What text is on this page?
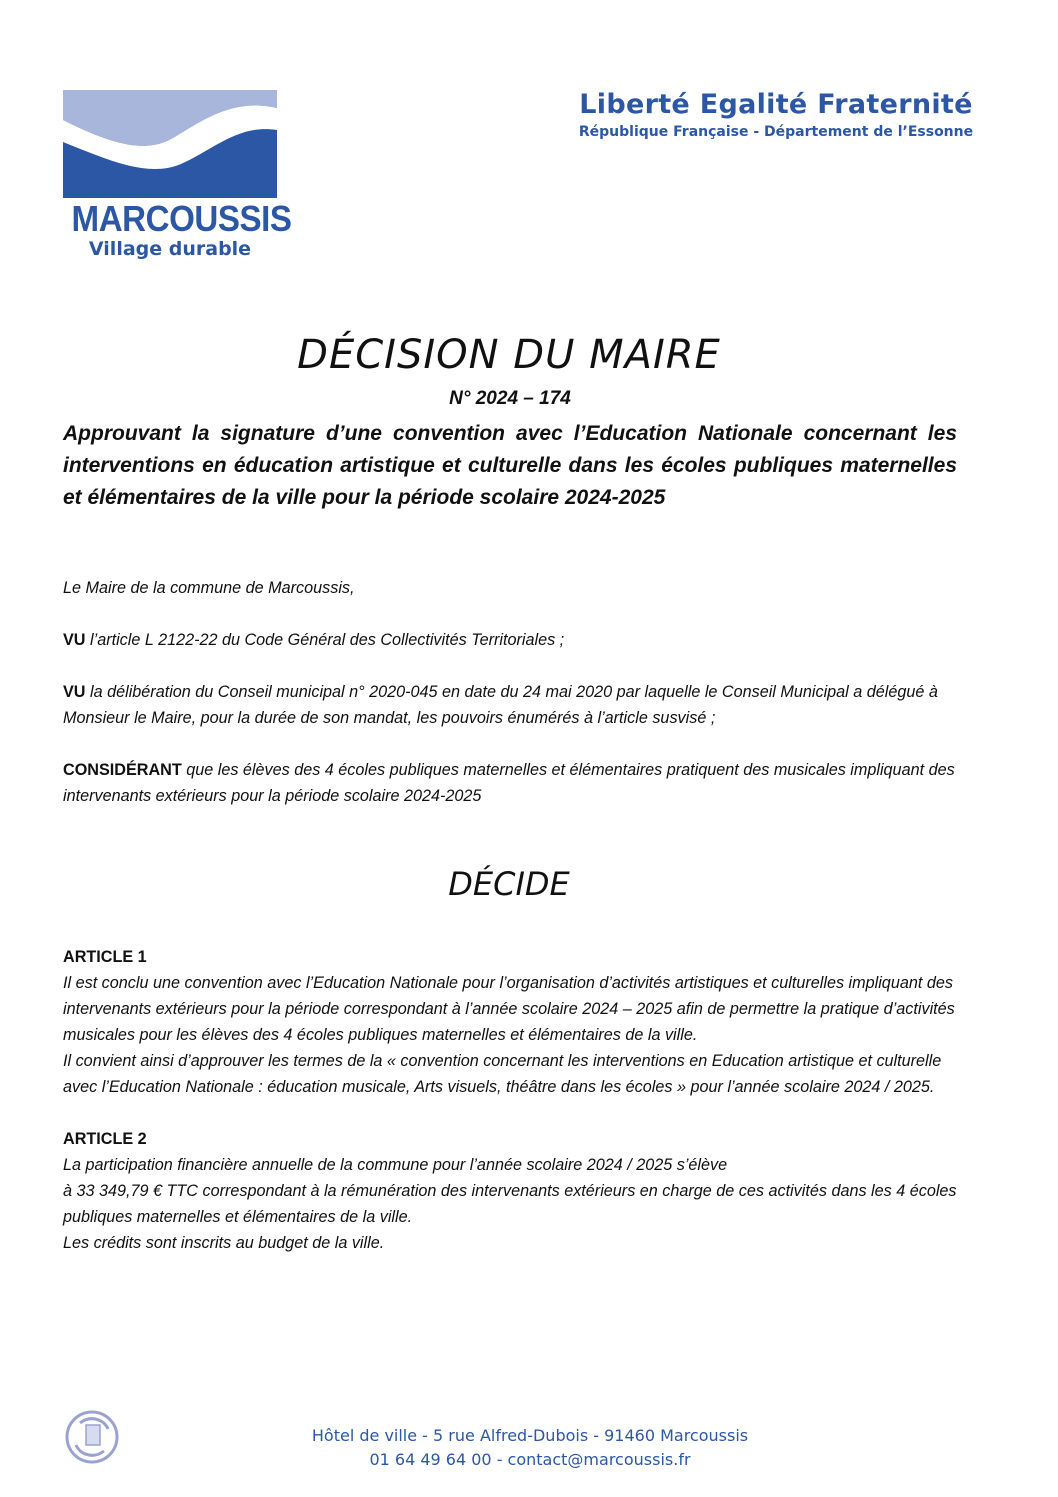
MARCOUSSIS
Village durable
Liberté Egalité Fraternité
République Française - Département de l’Essonne
DÉCISION DU MAIRE
N° 2024 – 174
Approuvant la signature d’une convention avec l’Education Nationale concernant les interventions en éducation artistique et culturelle dans les écoles publiques maternelles et élémentaires de la ville pour la période scolaire 2024-2025

Le Maire de la commune de Marcoussis,

VU l’article L 2122-22 du Code Général des Collectivités Territoriales ;

VU la délibération du Conseil municipal n° 2020-045 en date du 24 mai 2020 par laquelle le Conseil Municipal a délégué à Monsieur le Maire, pour la durée de son mandat, les pouvoirs énumérés à l’article susvisé ;

CONSIDÉRANT que les élèves des 4 écoles publiques maternelles et élémentaires pratiquent des musicales impliquant des intervenants extérieurs pour la période scolaire 2024-2025

DÉCIDE
ARTICLE 1
Il est conclu une convention avec l’Education Nationale pour l’organisation d’activités artistiques et culturelles impliquant des intervenants extérieurs pour la période correspondant à l’année scolaire 2024 – 2025 afin de permettre la pratique d’activités musicales pour les élèves des 4 écoles publiques maternelles et élémentaires de la ville.
Il convient ainsi d’approuver les termes de la « convention concernant les interventions en Education artistique et culturelle avec l’Education Nationale : éducation musicale, Arts visuels, théâtre dans les écoles » pour l’année scolaire 2024 / 2025.
ARTICLE 2
La participation financière annuelle de la commune pour l’année scolaire 2024 / 2025 s’élève
à 33 349,79 € TTC correspondant à la rémunération des intervenants extérieurs en charge de ces activités dans les 4 écoles publiques maternelles et élémentaires de la ville.
Les crédits sont inscrits au budget de la ville.
Hôtel de ville - 5 rue Alfred-Dubois - 91460 Marcoussis
01 64 49 64 00 - contact@marcoussis.fr
